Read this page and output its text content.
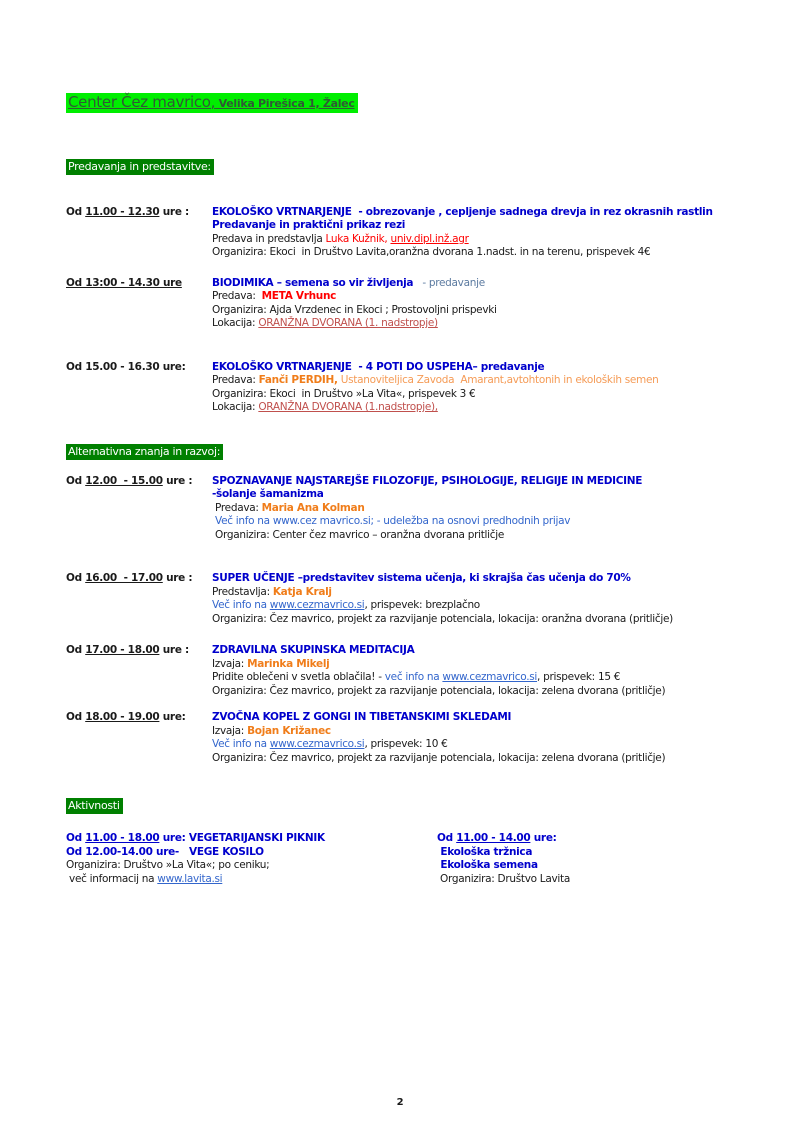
Center Čez mavrico, Velika Pirešica 1, Žalec
Predavanja in predstavitve:
Od 11.00 - 12.30 ure :	EKOLOŠKO VRTNARJENJE  - obrezovanje , cepljenje sadnega drevja in rez okrasnih rastlin
Predavanje in praktični prikaz rezi
Predava in predstavlja Luka Kužnik, univ.dipl.inž.agr
Organizira: Ekoci  in Društvo Lavita,oranžna dvorana 1.nadst. in na terenu, prispevek 4€
Od 13:00 - 14.30 ure	BIODIMIKA – semena so vir življenja   - predavanje
Predava:  META Vrhunc
Organizira: Ajda Vrzdenec in Ekoci ; Prostovoljni prispevki
Lokacija: ORANŽNA DVORANA (1. nadstropje)
Od 15.00 - 16.30 ure:	EKOLOŠKO VRTNARJENJE  - 4 POTI DO USPEHA– predavanje
Predava: Fanči PERDIH, Ustanoviteljica Zavoda  Amarant,avtohtonih in ekoloških semen
Organizira: Ekoci  in Društvo »La Vita«, prispevek 3 €
Lokacija: ORANŽNA DVORANA (1.nadstropje),
Alternativna znanja in razvoj:
Od 12.00  - 15.00 ure :	SPOZNAVANJE NAJSTAREJŠE FILOZOFIJE, PSIHOLOGIJE, RELIGIJE IN MEDICINE
-šolanje šamanizma
Predava: Maria Ana Kolman
Več info na www.cez mavrico.si; - udeležba na osnovi predhodnih prijav
Organizira: Center čez mavrico – oranžna dvorana pritličje
Od 16.00  - 17.00 ure :	SUPER UČENJE –predstavitev sistema učenja, ki skrajša čas učenja do 70%
Predstavlja: Katja Kralj
Več info na www.cezmavrico.si, prispevek: brezplačno
Organizira: Čez mavrico, projekt za razvijanje potenciala, lokacija: oranžna dvorana (pritličje)
Od 17.00 - 18.00 ure :	ZDRAVILNA SKUPINSKA MEDITACIJA
Izvaja: Marinka Mikelj
Pridite oblečeni v svetla oblačila! - več info na www.cezmavrico.si, prispevek: 15 €
Organizira: Čez mavrico, projekt za razvijanje potenciala, lokacija: zelena dvorana (pritličje)
Od 18.00 - 19.00 ure:	ZVOČNA KOPEL Z GONGI IN TIBETANSKIMI SKLEDAMI
Izvaja: Bojan Križanec
Več info na www.cezmavrico.si, prispevek: 10 €
Organizira: Čez mavrico, projekt za razvijanje potenciala, lokacija: zelena dvorana (pritličje)
Aktivnosti
Od 11.00 - 18.00 ure: VEGETARIJANSKI PIKNIK
Od 12.00-14.00 ure-   VEGE KOSILO
Organizira: Društvo »La Vita«; po ceniku;
več informacij na www.lavita.si
Od 11.00 - 14.00 ure:
Ekološka tržnica
Ekološka semena
Organizira: Društvo Lavita
2
